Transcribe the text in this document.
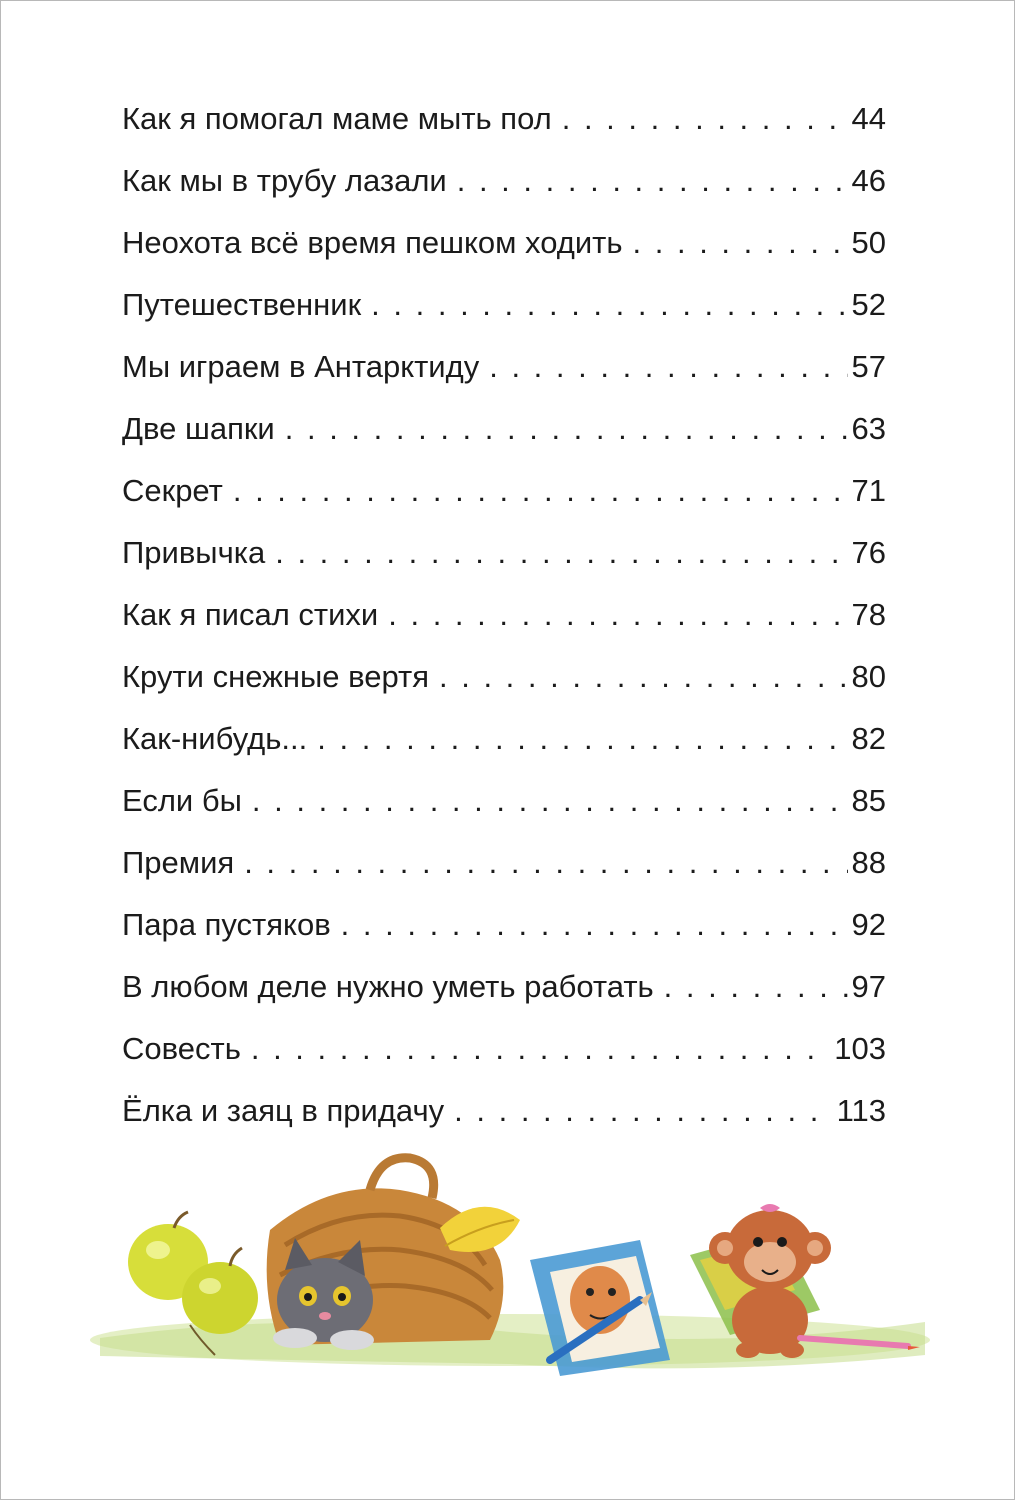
Как я помогал маме мыть пол . . .	44
Как мы в трубу лазали . . .	46
Неохота всё время пешком ходить . . .	50
Путешественник . . .	52
Мы играем в Антарктиду . . .	57
Две шапки . . .	63
Секрет . . .	71
Привычка . . .	76
Как я писал стихи . . .	78
Крути снежные вертя . . .	80
Как-нибудь... . . .	82
Если бы . . .	85
Премия . . .	88
Пара пустяков . . .	92
В любом деле нужно уметь работать . . .	97
Совесть . . .	103
Ёлка и заяц в придачу . . .	113
